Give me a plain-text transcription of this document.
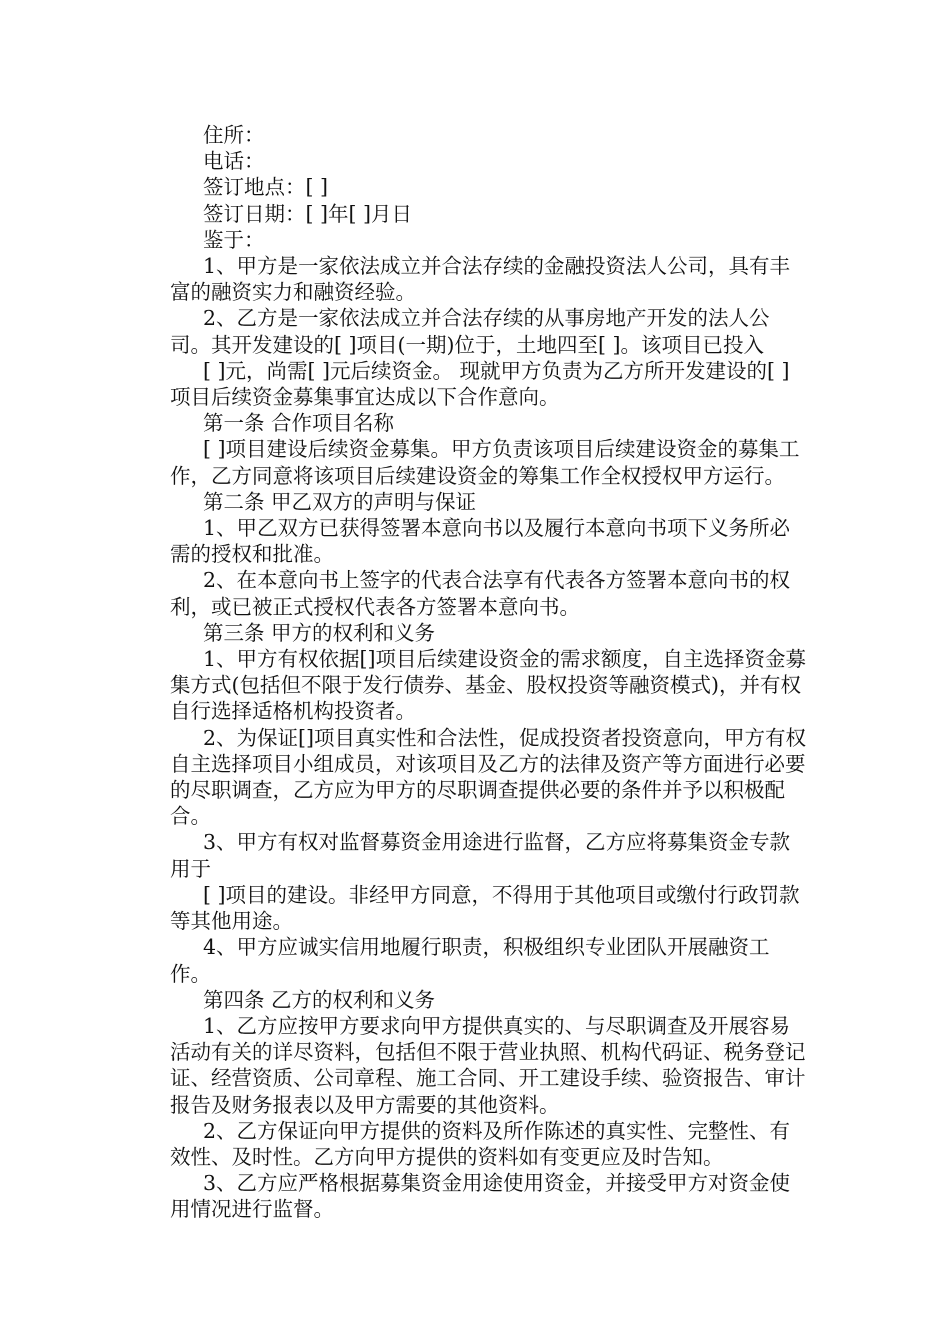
住所：

电话：

签订地点：[ ]

签订日期：[ ]年[ ]月日

鉴于：

1、甲方是一家依法成立并合法存续的金融投资法人公司，具有丰富的融资实力和融资经验。

2、乙方是一家依法成立并合法存续的从事房地产开发的法人公司。其开发建设的[ ]项目(一期)位于，土地四至[ ]。该项目已投入

[ ]元，尚需[ ]元后续资金。 现就甲方负责为乙方所开发建设的[ ]项目后续资金募集事宜达成以下合作意向。

第一条 合作项目名称

[ ]项目建设后续资金募集。甲方负责该项目后续建设资金的募集工作，乙方同意将该项目后续建设资金的筹集工作全权授权甲方运行。

第二条 甲乙双方的声明与保证

1、甲乙双方已获得签署本意向书以及履行本意向书项下义务所必需的授权和批准。

2、在本意向书上签字的代表合法享有代表各方签署本意向书的权利，或已被正式授权代表各方签署本意向书。

第三条 甲方的权利和义务

1、甲方有权依据[]项目后续建设资金的需求额度，自主选择资金募集方式(包括但不限于发行债券、基金、股权投资等融资模式)，并有权自行选择适格机构投资者。

2、为保证[]项目真实性和合法性，促成投资者投资意向，甲方有权自主选择项目小组成员，对该项目及乙方的法律及资产等方面进行必要的尽职调查，乙方应为甲方的尽职调查提供必要的条件并予以积极配合。

3、甲方有权对监督募资金用途进行监督，乙方应将募集资金专款用于

[ ]项目的建设。非经甲方同意，不得用于其他项目或缴付行政罚款等其他用途。

4、甲方应诚实信用地履行职责，积极组织专业团队开展融资工作。

第四条 乙方的权利和义务

1、乙方应按甲方要求向甲方提供真实的、与尽职调查及开展容易活动有关的详尽资料，包括但不限于营业执照、机构代码证、税务登记证、经营资质、公司章程、施工合同、开工建设手续、验资报告、审计报告及财务报表以及甲方需要的其他资料。

2、乙方保证向甲方提供的资料及所作陈述的真实性、完整性、有效性、及时性。乙方向甲方提供的资料如有变更应及时告知。

3、乙方应严格根据募集资金用途使用资金，并接受甲方对资金使用情况进行监督。
